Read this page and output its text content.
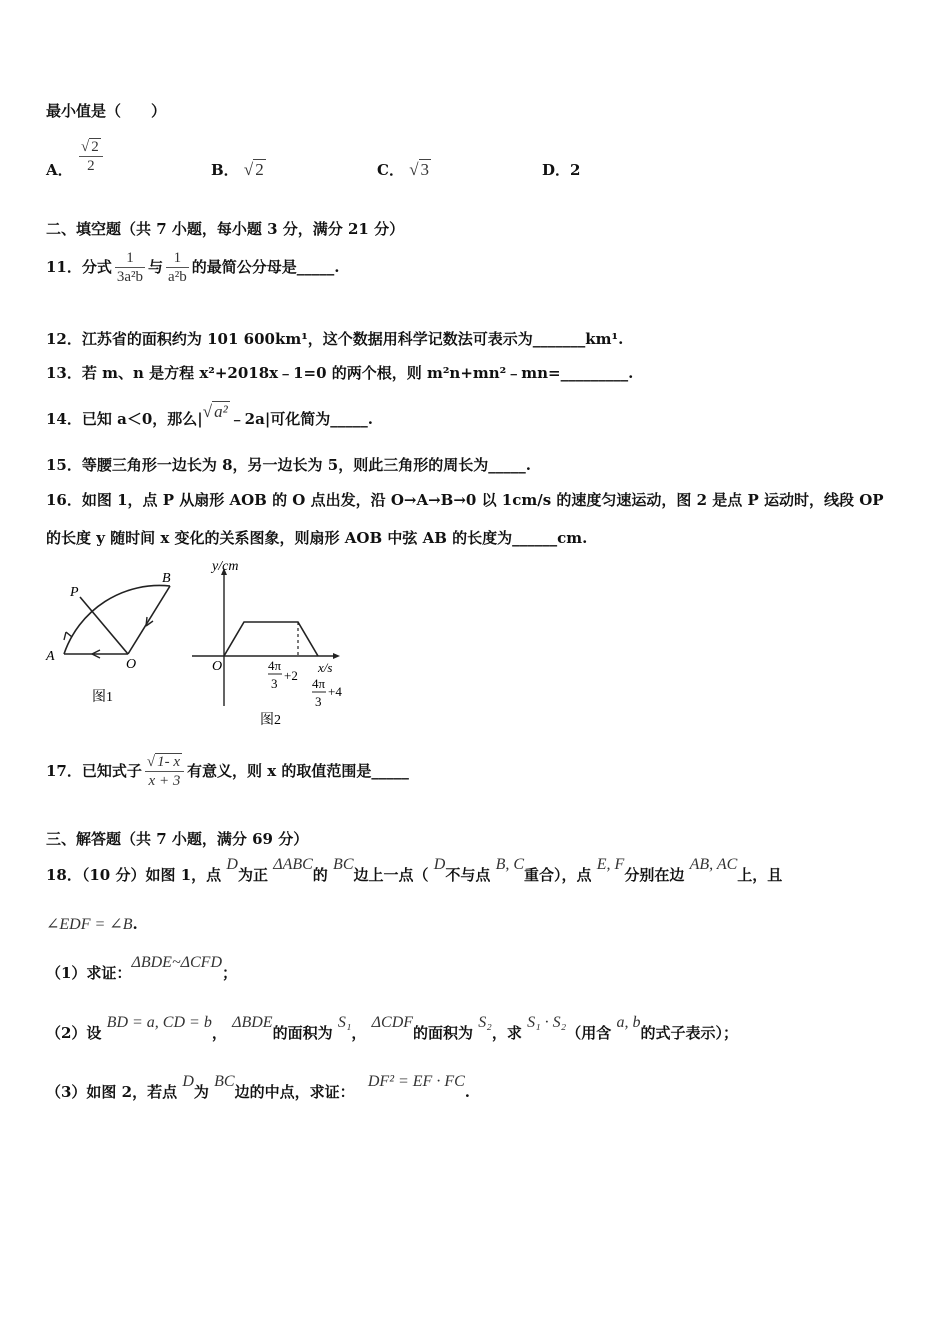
最小值是（　　）
A． $\frac{√ 2}{2}$	B． √ 2	C． √ 3	D．2
二、填空题（共 7 小题，每小题 3 分，满分 21 分）
11．分式 $\frac{1}{\text{3a²b}}$ 与 $\frac{1}{\text{a²b}}$ 的最简公分母是_____.
12．江苏省的面积约为 101 600km¹，这个数据用科学记数法可表示为_______km¹.
13．若 m、n 是方程 x²+2018x﹣1=0 的两个根，则 m²n+mn²﹣mn=_________.
14．已知 a＜0，那么|√ a² ﹣2a|可化简为_____.
15．等腰三角形一边长为 8，另一边长为 5，则此三角形的周长为_____.
16．如图 1，点 P 从扇形 AOB 的 O 点出发，沿 O→A→B→0 以 1cm/s 的速度匀速运动，图 2 是点 P 运动时，线段 OP
的长度 y 随时间 x 变化的关系图象，则扇形 AOB 中弦 AB 的长度为______cm.
A
B
P
O
图1
y/cm
x/s
O	4π
3
+2
4π
3
+4
图2
17．已知式子 $\frac{√ 1- x}{x + 3}$ 有意义，则 x 的取值范围是_____
三、解答题（共 7 小题，满分 69 分）
18．（10 分）如图 1，点 D为正 ΔABC的 BC边上一点（ D不与点 B, C重合），点 E, F分别在边 AB, AC上，且
∠EDF = ∠B.
（1）求证：ΔBDE~ΔCFD；
（2）设 BD = a, CD = b， ΔBDE的面积为 S₁， ΔCDF的面积为 S₂，求 S₁ · S₂（用含 a, b的式子表示）；
（3）如图 2，若点 D为 BC边的中点，求证： DF² = EF · FC.
